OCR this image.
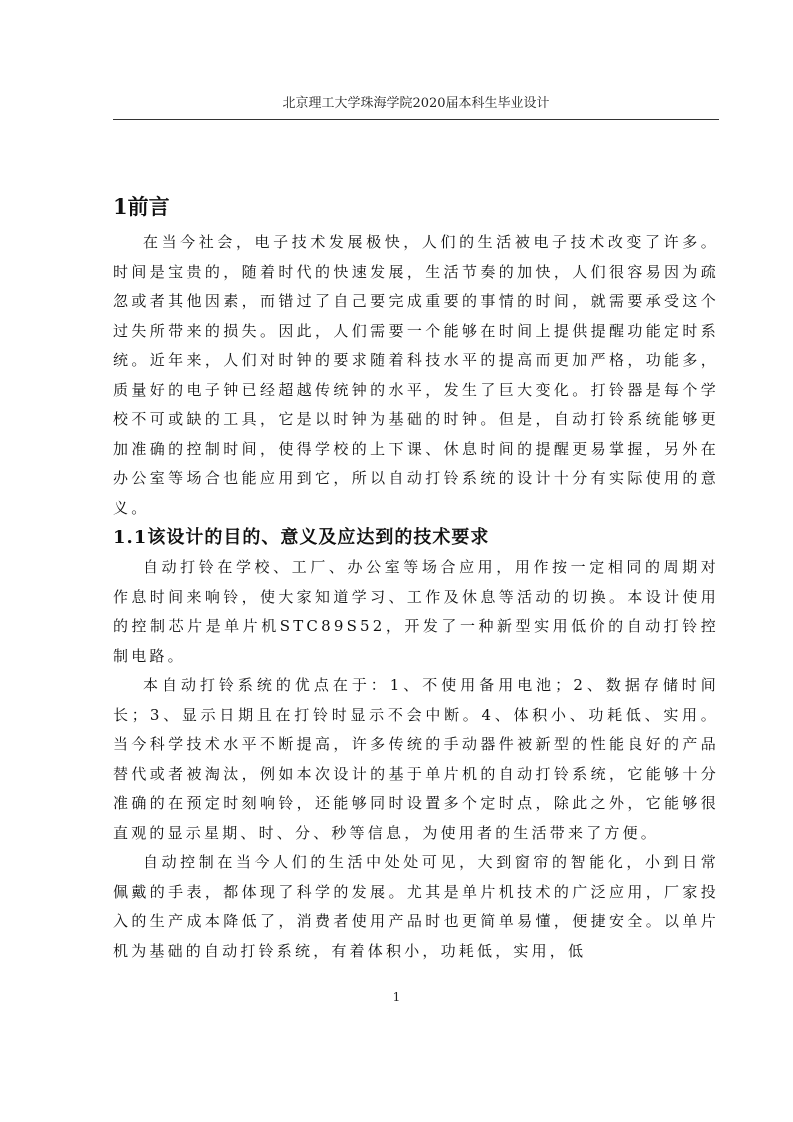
北京理工大学珠海学院2020届本科生毕业设计
1前言

在当今社会，电子技术发展极快，人们的生活被电子技术改变了许多。时间是宝贵的，随着时代的快速发展，生活节奏的加快，人们很容易因为疏忽或者其他因素，而错过了自己要完成重要的事情的时间，就需要承受这个过失所带来的损失。因此，人们需要一个能够在时间上提供提醒功能定时系统。近年来，人们对时钟的要求随着科技水平的提高而更加严格，功能多，质量好的电子钟已经超越传统钟的水平，发生了巨大变化。打铃器是每个学校不可或缺的工具，它是以时钟为基础的时钟。但是，自动打铃系统能够更加准确的控制时间，使得学校的上下课、休息时间的提醒更易掌握，另外在办公室等场合也能应用到它，所以自动打铃系统的设计十分有实际使用的意义。

1.1该设计的目的、意义及应达到的技术要求

自动打铃在学校、工厂、办公室等场合应用，用作按一定相同的周期对作息时间来响铃，使大家知道学习、工作及休息等活动的切换。本设计使用的控制芯片是单片机STC89S52，开发了一种新型实用低价的自动打铃控制电路。

本自动打铃系统的优点在于：1、不使用备用电池；2、数据存储时间长；3、显示日期且在打铃时显示不会中断。4、体积小、功耗低、实用。当今科学技术水平不断提高，许多传统的手动器件被新型的性能良好的产品替代或者被淘汰，例如本次设计的基于单片机的自动打铃系统，它能够十分准确的在预定时刻响铃，还能够同时设置多个定时点，除此之外，它能够很直观的显示星期、时、分、秒等信息，为使用者的生活带来了方便。

自动控制在当今人们的生活中处处可见，大到窗帘的智能化，小到日常佩戴的手表，都体现了科学的发展。尤其是单片机技术的广泛应用，厂家投入的生产成本降低了，消费者使用产品时也更简单易懂，便捷安全。以单片机为基础的自动打铃系统，有着体积小，功耗低，实用，低

1
